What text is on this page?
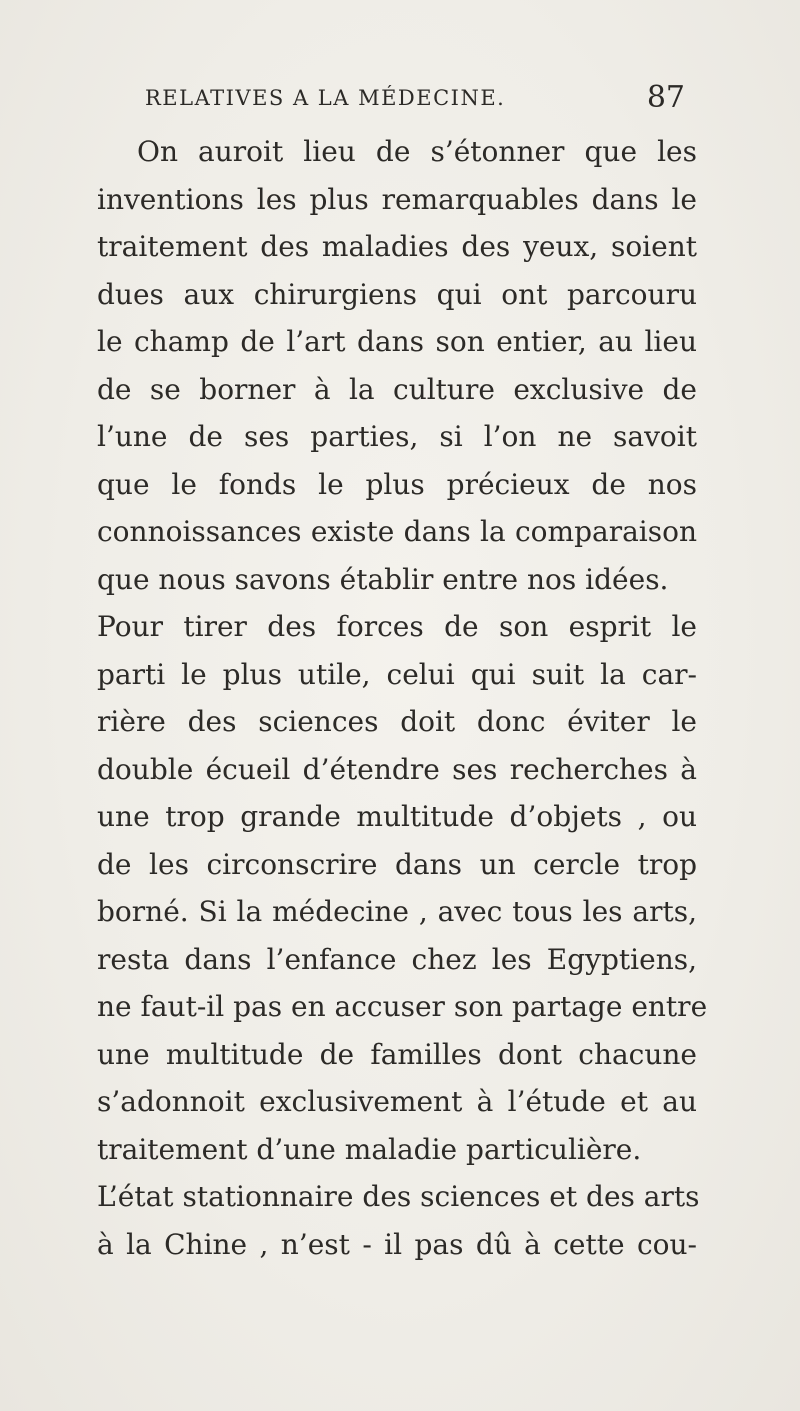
RELATIVES A LA MÉDECINE.	87
On auroit lieu de s’étonner que les
inventions les plus remarquables dans le
traitement des maladies des yeux, soient
dues aux chirurgiens qui ont parcouru
le champ de l’art dans son entier, au lieu
de se borner à la culture exclusive de
l’une de ses parties, si l’on ne savoit
que le fonds le plus précieux de nos
connoissances existe dans la comparaison
que nous savons établir entre nos idées.
Pour tirer des forces de son esprit le
parti le plus utile, celui qui suit la car-
rière des sciences doit donc éviter le
double écueil d’étendre ses recherches à
une trop grande multitude d’objets , ou
de les circonscrire dans un cercle trop
borné. Si la médecine , avec tous les arts,
resta dans l’enfance chez les Egyptiens,
ne faut-il pas en accuser son partage entre
une multitude de familles dont chacune
s’adonnoit exclusivement à l’étude et au
traitement d’une maladie particulière.
L’état stationnaire des sciences et des arts
à la Chine , n’est - il pas dû à cette cou-
